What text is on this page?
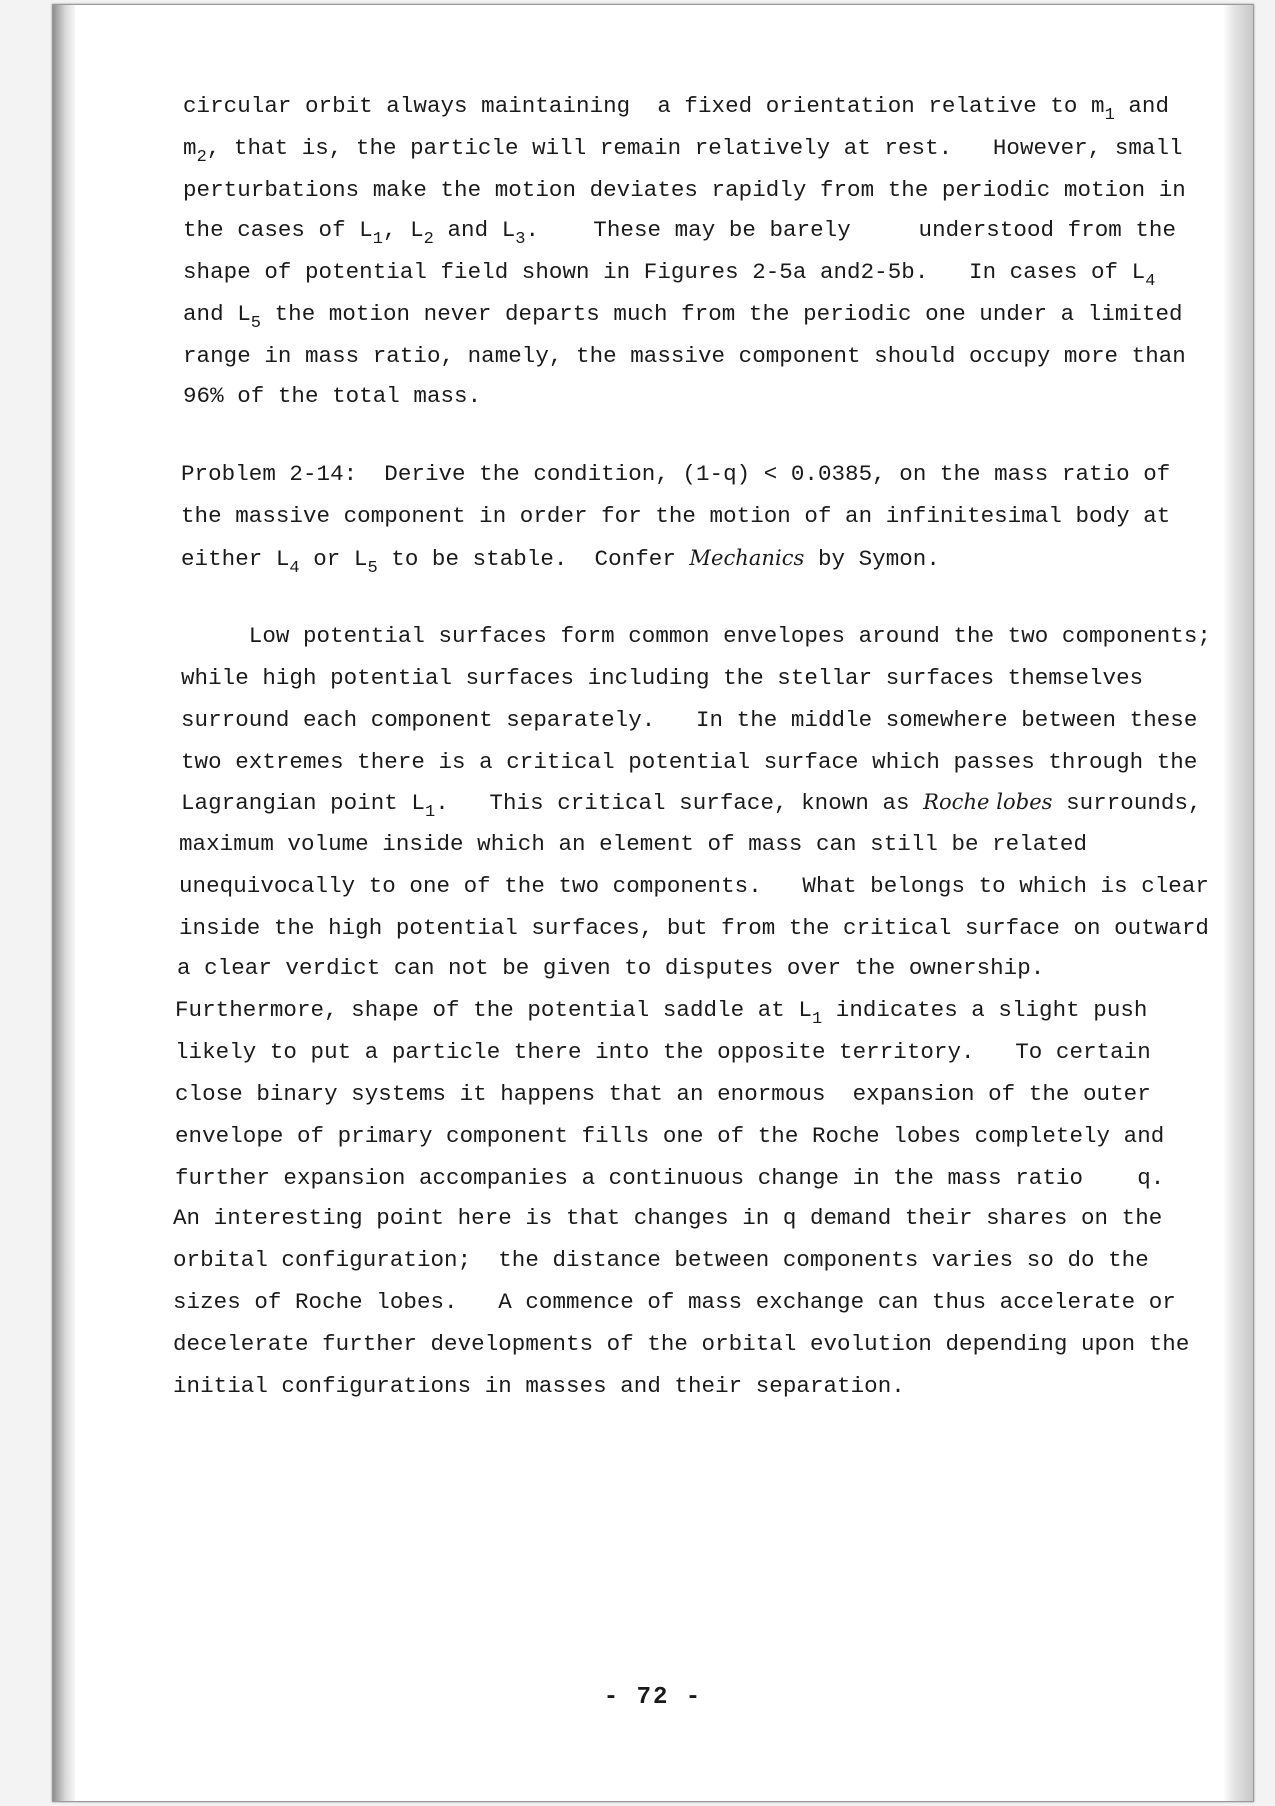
circular orbit always maintaining  a fixed orientation relative to $m_1$ and
$m_2$, that is, the particle will remain relatively at rest.   However, small
perturbations make the motion deviates rapidly from the periodic motion in
the cases of $L_1$, $L_2$ and $L_3$.    These may be barely     understood from the
shape of potential field shown in Figures 2-5a and2-5b.   In cases of $L_4$
and $L_5$ the motion never departs much from the periodic one under a limited
range in mass ratio, namely, the massive component should occupy more than
96% of the total mass.
Problem 2-14:  Derive the condition, (1-q) < 0.0385, on the mass ratio of
the massive component in order for the motion of an infinitesimal body at
either $L_4$ or $L_5$ to be stable.  Confer Mechanics by Symon.
Low potential surfaces form common envelopes around the two components;
while high potential surfaces including the stellar surfaces themselves
surround each component separately.   In the middle somewhere between these
two extremes there is a critical potential surface which passes through the
Lagrangian point $L_1$.   This critical surface, known as Roche lobes surrounds,
maximum volume inside which an element of mass can still be related
unequivocally to one of the two components.   What belongs to which is clear
inside the high potential surfaces, but from the critical surface on outward
a clear verdict can not be given to disputes over the ownership.
Furthermore, shape of the potential saddle at $L_1$ indicates a slight push
likely to put a particle there into the opposite territory.   To certain
close binary systems it happens that an enormous  expansion of the outer
envelope of primary component fills one of the Roche lobes completely and
further expansion accompanies a continuous change in the mass ratio    q.
An interesting point here is that changes in q demand their shares on the
orbital configuration;  the distance between components varies so do the
sizes of Roche lobes.   A commence of mass exchange can thus accelerate or
decelerate further developments of the orbital evolution depending upon the
initial configurations in masses and their separation.
- 72 -
